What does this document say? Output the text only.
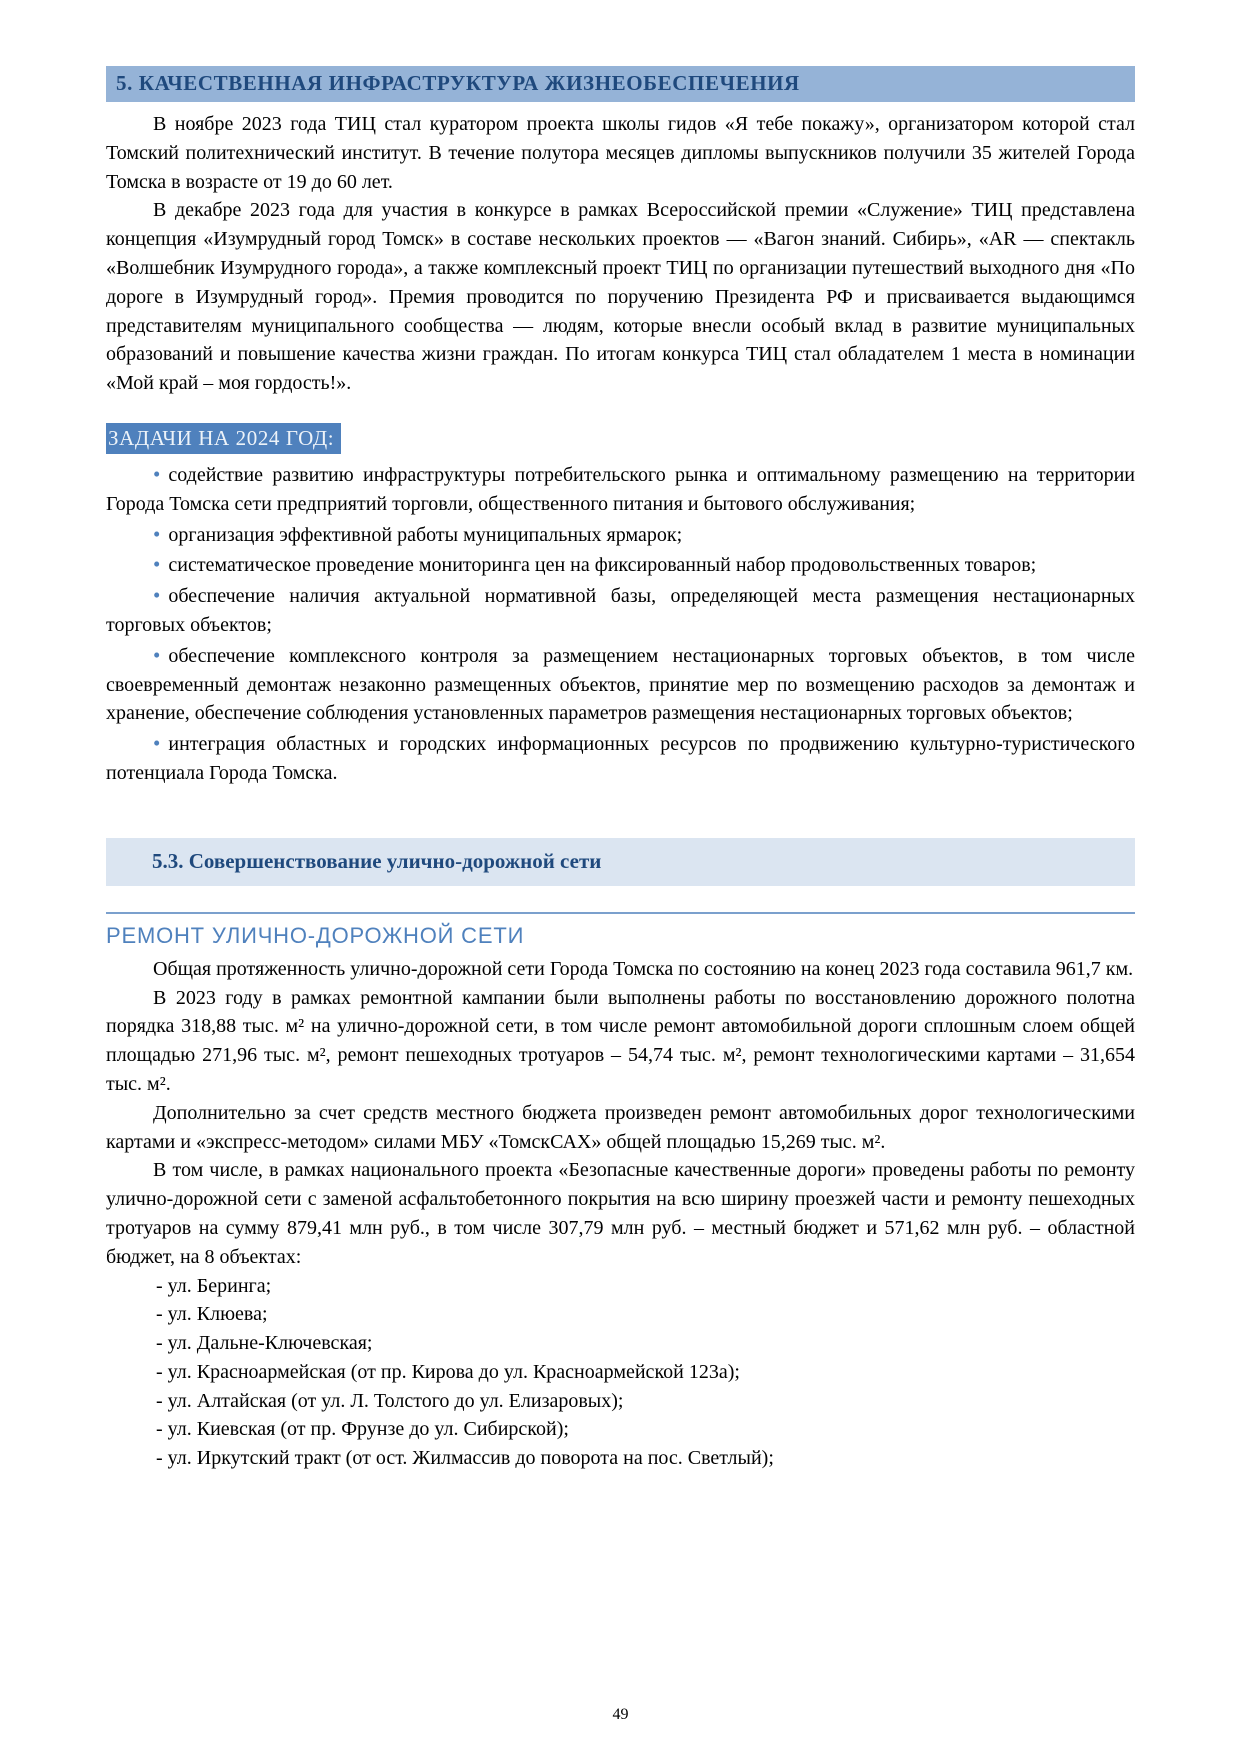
5. КАЧЕСТВЕННАЯ ИНФРАСТРУКТУРА ЖИЗНЕОБЕСПЕЧЕНИЯ

В ноябре 2023 года ТИЦ стал куратором проекта школы гидов «Я тебе покажу», организатором которой стал Томский политехнический институт. В течение полутора месяцев дипломы выпускников получили 35 жителей Города Томска в возрасте от 19 до 60 лет.

В декабре 2023 года для участия в конкурсе в рамках Всероссийской премии «Служение» ТИЦ представлена концепция «Изумрудный город Томск» в составе нескольких проектов — «Вагон знаний. Сибирь», «AR — спектакль «Волшебник Изумрудного города», а также комплексный проект ТИЦ по организации путешествий выходного дня «По дороге в Изумрудный город». Премия проводится по поручению Президента РФ и присваивается выдающимся представителям муниципального сообщества — людям, которые внесли особый вклад в развитие муниципальных образований и повышение качества жизни граждан. По итогам конкурса ТИЦ стал обладателем 1 места в номинации «Мой край – моя гордость!».

ЗАДАЧИ НА 2024 ГОД:

• содействие развитию инфраструктуры потребительского рынка и оптимальному размещению на территории Города Томска сети предприятий торговли, общественного питания и бытового обслуживания;

• организация эффективной работы муниципальных ярмарок;

• систематическое проведение мониторинга цен на фиксированный набор продовольственных товаров;

• обеспечение наличия актуальной нормативной базы, определяющей места размещения нестационарных торговых объектов;

• обеспечение комплексного контроля за размещением нестационарных торговых объектов, в том числе своевременный демонтаж незаконно размещенных объектов, принятие мер по возмещению расходов за демонтаж и хранение, обеспечение соблюдения установленных параметров размещения нестационарных торговых объектов;

• интеграция областных и городских информационных ресурсов по продвижению культурно-туристического потенциала Города Томска.

5.3. Совершенствование улично-дорожной сети
РЕМОНТ УЛИЧНО-ДОРОЖНОЙ СЕТИ

Общая протяженность улично-дорожной сети Города Томска по состоянию на конец 2023 года составила 961,7 км.

В 2023 году в рамках ремонтной кампании были выполнены работы по восстановлению дорожного полотна порядка 318,88 тыс. м² на улично-дорожной сети, в том числе ремонт автомобильной дороги сплошным слоем общей площадью 271,96 тыс. м², ремонт пешеходных тротуаров – 54,74 тыс. м², ремонт технологическими картами – 31,654 тыс. м².

Дополнительно за счет средств местного бюджета произведен ремонт автомобильных дорог технологическими картами и «экспресс-методом» силами МБУ «ТомскСАХ» общей площадью 15,269 тыс. м².

В том числе, в рамках национального проекта «Безопасные качественные дороги» проведены работы по ремонту улично-дорожной сети с заменой асфальтобетонного покрытия на всю ширину проезжей части и ремонту пешеходных тротуаров на сумму 879,41 млн руб., в том числе 307,79 млн руб. – местный бюджет и 571,62 млн руб. – областной бюджет, на 8 объектах:

- ул. Беринга;

- ул. Клюева;

- ул. Дальне-Ключевская;

- ул. Красноармейская (от пр. Кирова до ул. Красноармейской 123а);

- ул. Алтайская (от ул. Л. Толстого до ул. Елизаровых);

- ул. Киевская (от пр. Фрунзе до ул. Сибирской);

- ул. Иркутский тракт (от ост. Жилмассив до поворота на пос. Светлый);

49
